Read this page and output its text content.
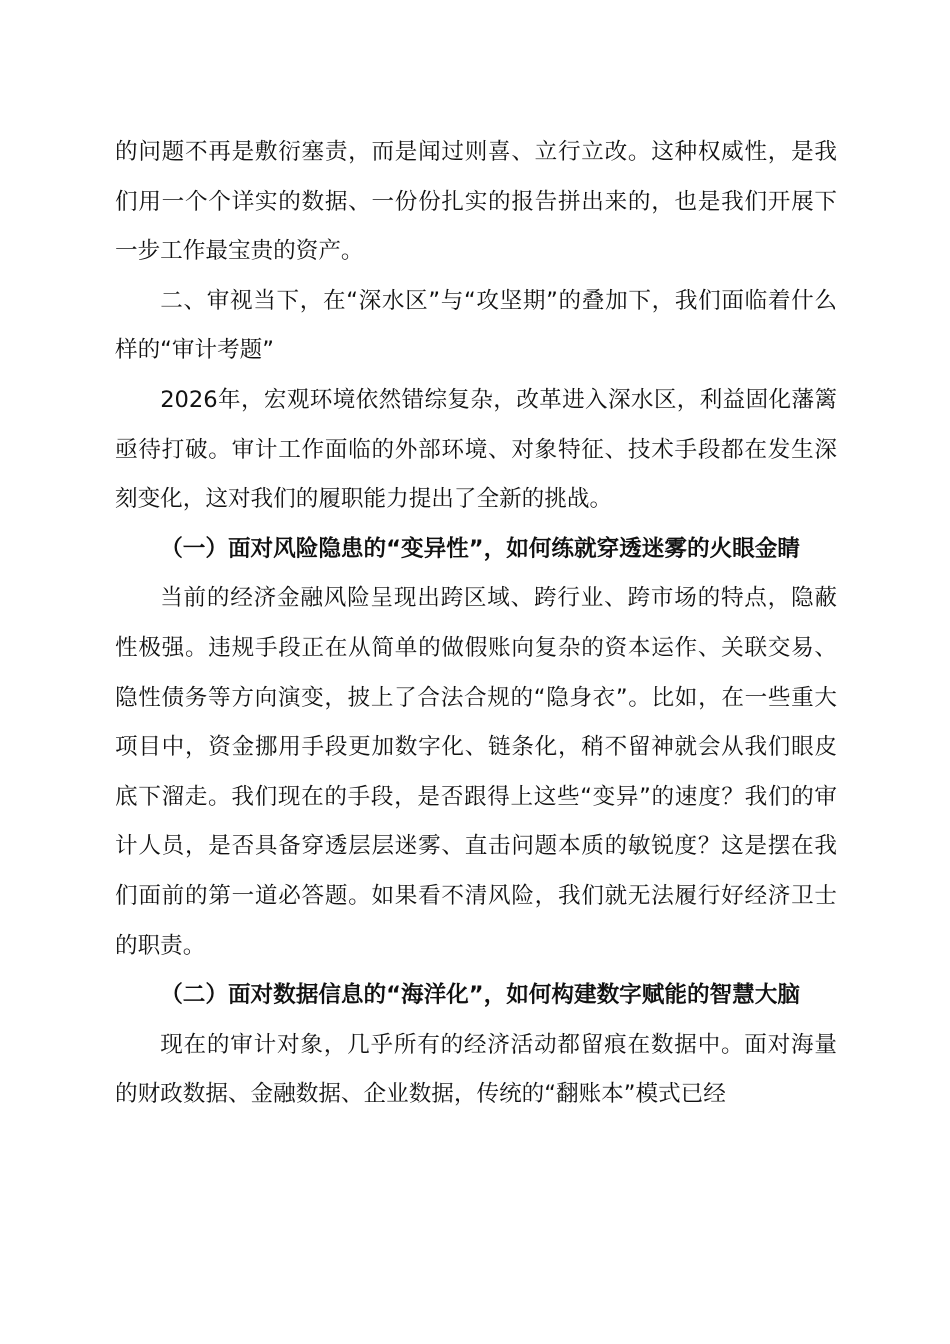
的问题不再是敷衍塞责，而是闻过则喜、立行立改。这种权威性，是我们用一个个详实的数据、一份份扎实的报告拼出来的，也是我们开展下一步工作最宝贵的资产。

二、审视当下，在“深水区”与“攻坚期”的叠加下，我们面临着什么样的“审计考题”

2026年，宏观环境依然错综复杂，改革进入深水区，利益固化藩篱亟待打破。审计工作面临的外部环境、对象特征、技术手段都在发生深刻变化，这对我们的履职能力提出了全新的挑战。

（一）面对风险隐患的“变异性”，如何练就穿透迷雾的火眼金睛

当前的经济金融风险呈现出跨区域、跨行业、跨市场的特点，隐蔽性极强。违规手段正在从简单的做假账向复杂的资本运作、关联交易、隐性债务等方向演变，披上了合法合规的“隐身衣”。比如，在一些重大项目中，资金挪用手段更加数字化、链条化，稍不留神就会从我们眼皮底下溜走。我们现在的手段，是否跟得上这些“变异”的速度？我们的审计人员，是否具备穿透层层迷雾、直击问题本质的敏锐度？这是摆在我们面前的第一道必答题。如果看不清风险，我们就无法履行好经济卫士的职责。

（二）面对数据信息的“海洋化”，如何构建数字赋能的智慧大脑

现在的审计对象，几乎所有的经济活动都留痕在数据中。面对海量的财政数据、金融数据、企业数据，传统的“翻账本”模式已经
